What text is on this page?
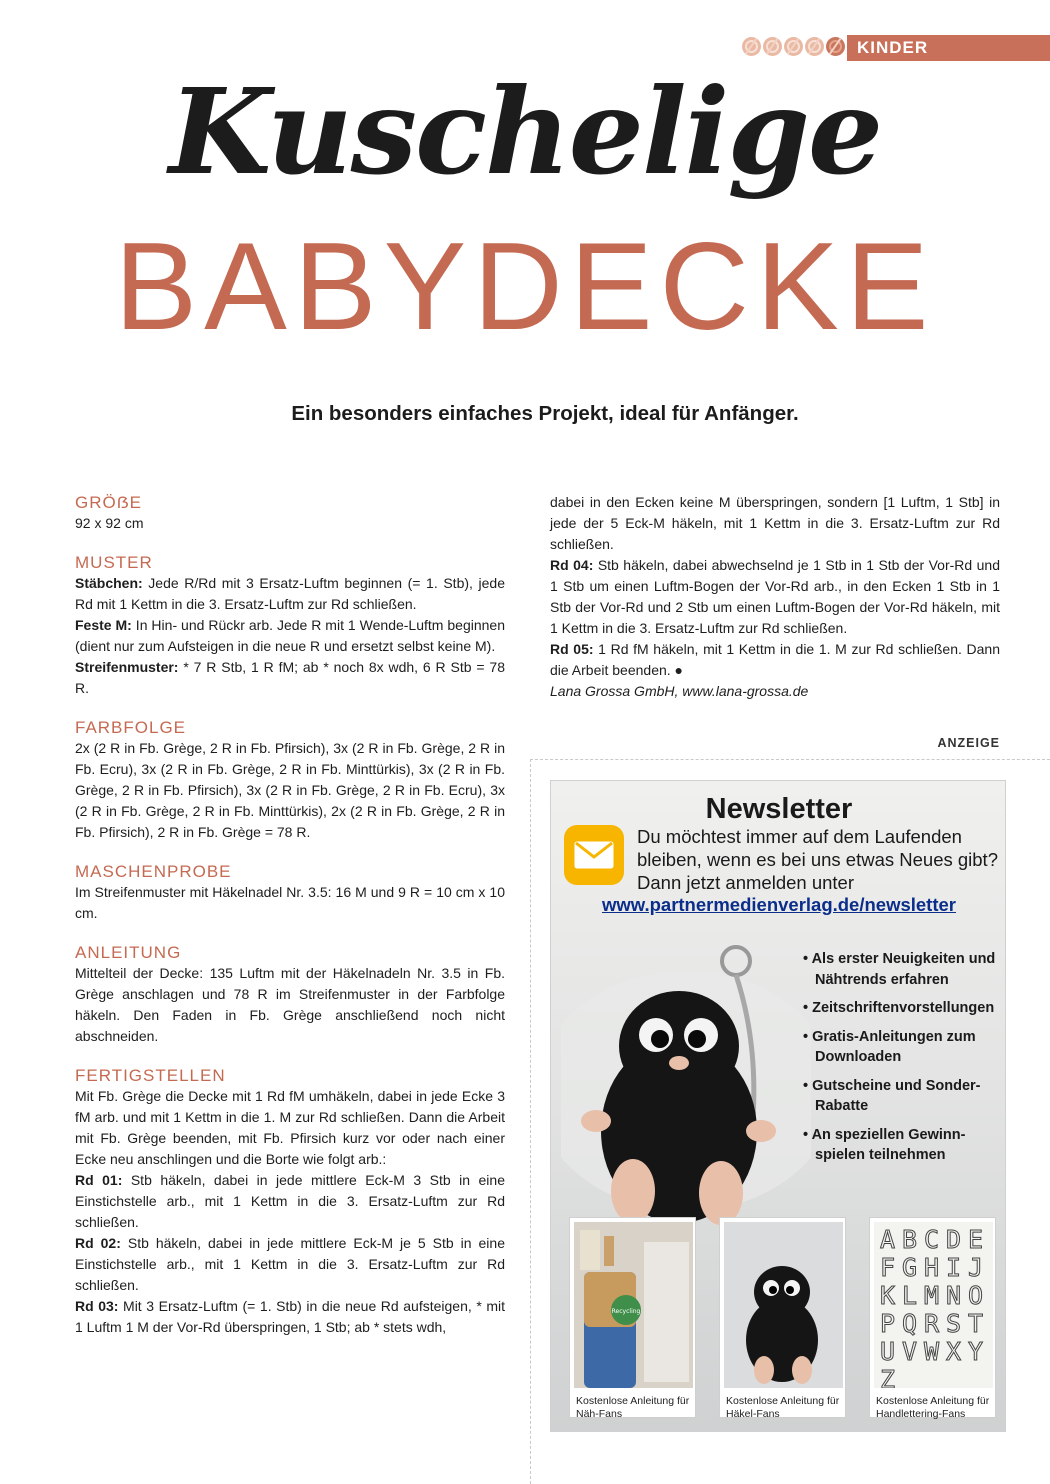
KINDER
Kuschelige
BABYDECKE
Ein besonders einfaches Projekt, ideal für Anfänger.
GRÖẞE

92 x 92 cm

MUSTER

Stäbchen: Jede R/Rd mit 3 Ersatz-Luftm beginnen (= 1. Stb), jede Rd mit 1 Kettm in die 3. Ersatz-Luftm zur Rd schließen.

Feste M: In Hin- und Rückr arb. Jede R mit 1 Wende-Luftm beginnen (dient nur zum Aufsteigen in die neue R und ersetzt selbst keine M).

Streifenmuster: * 7 R Stb, 1 R fM; ab * noch 8x wdh, 6 R Stb = 78 R.

FARBFOLGE

2x (2 R in Fb. Grège, 2 R in Fb. Pfirsich), 3x (2 R in Fb. Grège, 2 R in Fb. Ecru), 3x (2 R in Fb. Grège, 2 R in Fb. Minttürkis), 3x (2 R in Fb. Grège, 2 R in Fb. Pfirsich), 3x (2 R in Fb. Grège, 2 R in Fb. Ecru), 3x (2 R in Fb. Grège, 2 R in Fb. Minttürkis), 2x (2 R in Fb. Grège, 2 R in Fb. Pfirsich), 2 R in Fb. Grège = 78 R.

MASCHENPROBE

Im Streifenmuster mit Häkelnadel Nr. 3.5: 16 M und 9 R = 10 cm x 10 cm.

ANLEITUNG

Mittelteil der Decke: 135 Luftm mit der Häkelnadeln Nr. 3.5 in Fb. Grège anschlagen und 78 R im Streifenmuster in der Farbfolge häkeln. Den Faden in Fb. Grège anschließend noch nicht abschneiden.

FERTIGSTELLEN

Mit Fb. Grège die Decke mit 1 Rd fM umhäkeln, dabei in jede Ecke 3 fM arb. und mit 1 Kettm in die 1. M zur Rd schließen. Dann die Arbeit mit Fb. Grège beenden, mit Fb. Pfirsich kurz vor oder nach einer Ecke neu anschlingen und die Borte wie folgt arb.:

Rd 01: Stb häkeln, dabei in jede mittlere Eck-M 3 Stb in eine Einstichstelle arb., mit 1 Kettm in die 3. Ersatz-Luftm zur Rd schließen.

Rd 02: Stb häkeln, dabei in jede mittlere Eck-M je 5 Stb in eine Einstichstelle arb., mit 1 Kettm in die 3. Ersatz-Luftm zur Rd schließen.

Rd 03: Mit 3 Ersatz-Luftm (= 1. Stb) in die neue Rd aufsteigen, * mit 1 Luftm 1 M der Vor-Rd überspringen, 1 Stb; ab * stets wdh,

dabei in den Ecken keine M überspringen, sondern [1 Luftm, 1 Stb] in jede der 5 Eck-M häkeln, mit 1 Kettm in die 3. Ersatz-Luftm zur Rd schließen.

Rd 04: Stb häkeln, dabei abwechselnd je 1 Stb in 1 Stb der Vor-Rd und 1 Stb um einen Luftm-Bogen der Vor-Rd arb., in den Ecken 1 Stb in 1 Stb der Vor-Rd und 2 Stb um einen Luftm-Bogen der Vor-Rd häkeln, mit 1 Kettm in die 3. Ersatz-Luftm zur Rd schließen.

Rd 05: 1 Rd fM häkeln, mit 1 Kettm in die 1. M zur Rd schließen. Dann die Arbeit beenden. ●

Lana Grossa GmbH, www.lana-grossa.de

ANZEIGE
Newsletter
Du möchtest immer auf dem Laufenden
bleiben, wenn es bei uns etwas Neues gibt?
Dann jetzt anmelden unter
www.partnermedienverlag.de/newsletter
• Als erster Neuigkeiten und Nähtrends erfahren
• Zeitschriftenvorstellungen
• Gratis-Anleitungen zum Downloaden
• Gutscheine und Sonder-Rabatte
• An speziellen Gewinn-spielen teilnehmen
Recycling
Kostenlose Anleitung für Näh-Fans
Kostenlose Anleitung für Häkel-Fans
A B C D E
F G H I J
K L M N O
P Q R S T
U V W X Y
Z
Kostenlose Anleitung für Handlettering-Fans
